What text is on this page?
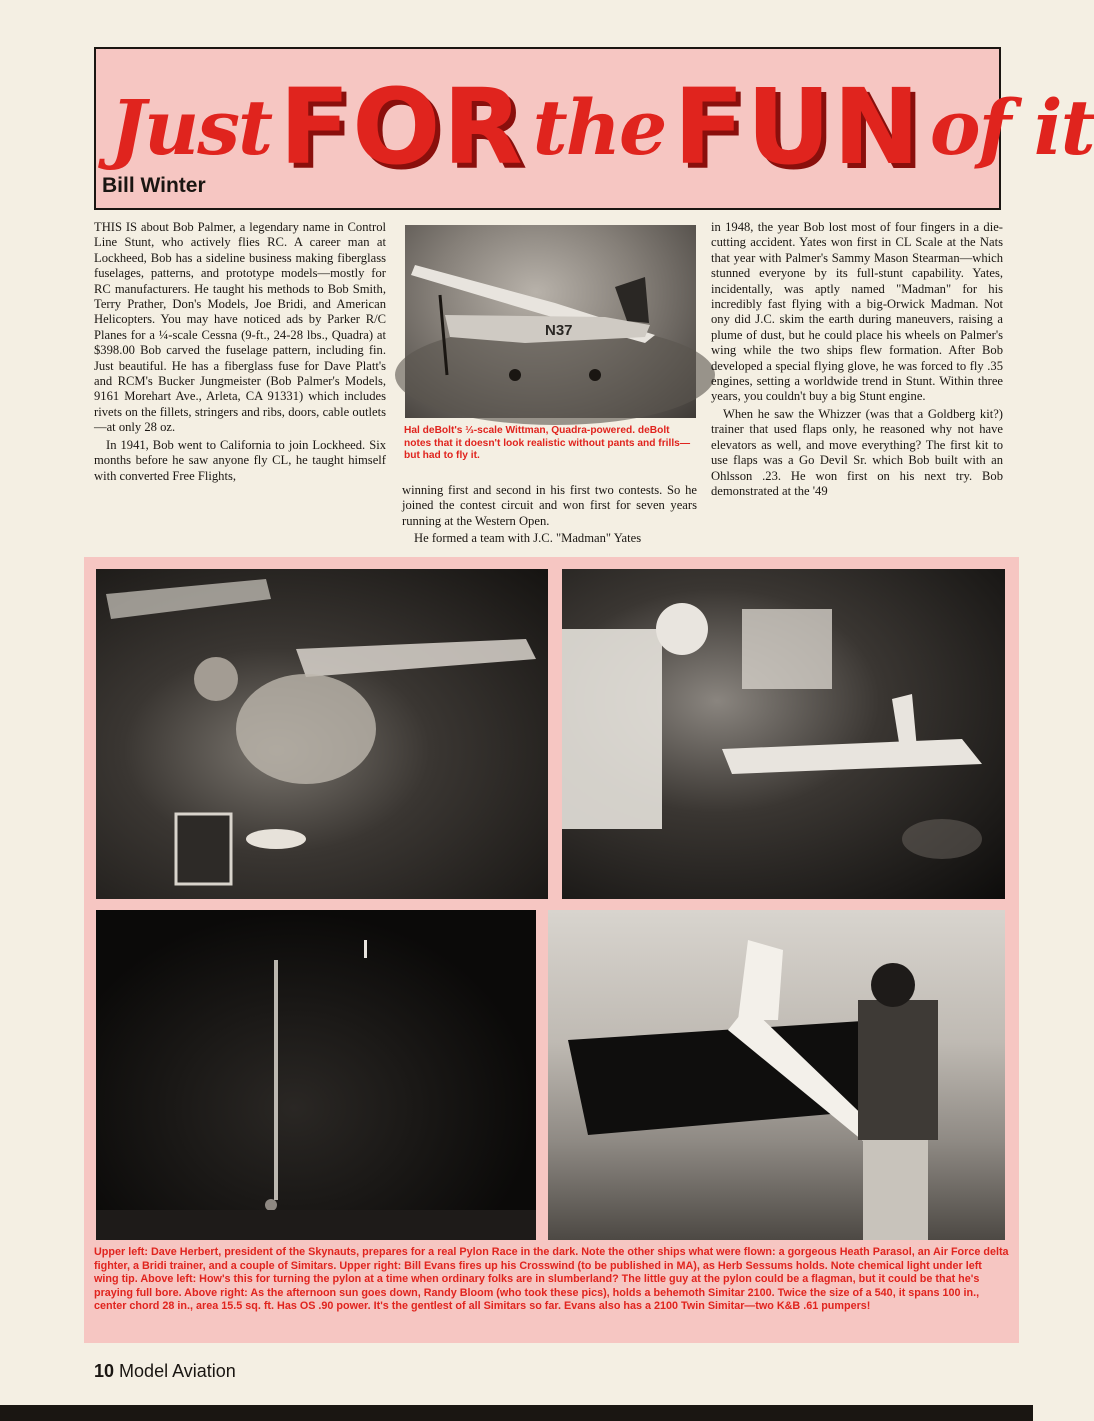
Just FOR the FUN of it
Bill Winter

THIS IS about Bob Palmer, a legendary name in Control Line Stunt, who actively flies RC. A career man at Lockheed, Bob has a sideline business making fiberglass fuselages, patterns, and prototype models—mostly for RC manufacturers. He taught his methods to Bob Smith, Terry Prather, Don's Models, Joe Bridi, and American Helicopters. You may have noticed ads by Parker R/C Planes for a ¼-scale Cessna (9-ft., 24-28 lbs., Quadra) at $398.00 Bob carved the fuselage pattern, including fin. Just beautiful. He has a fiberglass fuse for Dave Platt's and RCM's Bucker Jungmeister (Bob Palmer's Models, 9161 Morehart Ave., Arleta, CA 91331) which includes rivets on the fillets, stringers and ribs, doors, cable outlets—at only 28 oz.

In 1941, Bob went to California to join Lockheed. Six months before he saw anyone fly CL, he taught himself with converted Free Flights,

N37
Hal deBolt's ⅓-scale Wittman, Quadra-powered. deBolt notes that it doesn't look realistic without pants and frills—but had to fly it.

winning first and second in his first two contests. So he joined the contest circuit and won first for seven years running at the Western Open.

He formed a team with J.C. "Madman" Yates

in 1948, the year Bob lost most of four fingers in a die-cutting accident. Yates won first in CL Scale at the Nats that year with Palmer's Sammy Mason Stearman—which stunned everyone by its full-stunt capability. Yates, incidentally, was aptly named "Madman" for his incredibly fast flying with a big-Orwick Madman. Not ony did J.C. skim the earth during maneuvers, raising a plume of dust, but he could place his wheels on Palmer's wing while the two ships flew formation. After Bob developed a special flying glove, he was forced to fly .35 engines, setting a worldwide trend in Stunt. Within three years, you couldn't buy a big Stunt engine.

When he saw the Whizzer (was that a Goldberg kit?) trainer that used flaps only, he reasoned why not have elevators as well, and move everything? The first kit to use flaps was a Go Devil Sr. which Bob built with an Ohlsson .23. He won first on his next try. Bob demonstrated at the '49

Upper left: Dave Herbert, president of the Skynauts, prepares for a real Pylon Race in the dark. Note the other ships what were flown: a gorgeous Heath Parasol, an Air Force delta fighter, a Bridi trainer, and a couple of Simitars. Upper right: Bill Evans fires up his Crosswind (to be published in MA), as Herb Sessums holds. Note chemical light under left wing tip. Above left: How's this for turning the pylon at a time when ordinary folks are in slumberland? The little guy at the pylon could be a flagman, but it could be that he's praying full bore. Above right: As the afternoon sun goes down, Randy Bloom (who took these pics), holds a behemoth Simitar 2100. Twice the size of a 540, it spans 100 in., center chord 28 in., area 15.5 sq. ft. Has OS .90 power. It's the gentlest of all Simitars so far. Evans also has a 2100 Twin Simitar—two K&B .61 pumpers!
10 Model Aviation
